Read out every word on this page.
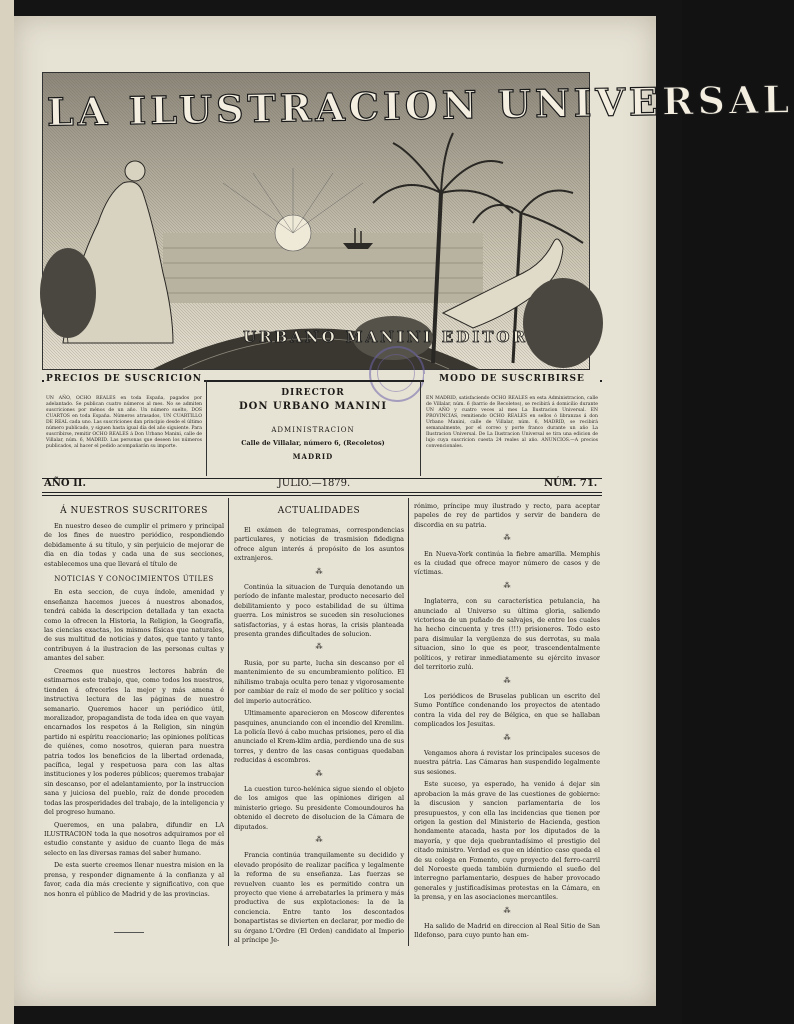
LA ILUSTRACION UNIVERSAL
URBANO MANINI EDITOR
PRECIOS DE SUSCRICION
UN AÑO, OCHO REALES en toda España, pagados por adelantado. Se publican cuatro números al mes. No se admiten suscriciones por ménos de un año. Un número suelto, DOS CUARTOS en toda España. Números atrasados, UN CUARTILLO DE REAL cada uno. Las suscriciones dan principio desde el último número publicado, y siguen hasta igual día del año siguiente. Para suscribirse, remitir OCHO REALES á Don Urbano Manini, calle de Villalar, núm. 6, MADRID. Las personas que deseen los números publicados, al hacer el pedido acompañarán su importe.
DIRECTOR
DON URBANO MANINI
ADMINISTRACION
Calle de Villalar, número 6, (Recoletos)
MADRID
MODO DE SUSCRIBIRSE
EN MADRID, satisfaciendo OCHO REALES en esta Administracion, calle de Villalar, núm. 6 (barrio de Recoletos), se recibirá á domicilio durante UN AÑO y cuatro veces al mes La Ilustracion Universal. EN PROVINCIAS, remitiendo OCHO REALES en sellos ó libranzas á don Urbano Manini, calle de Villalar, núm. 6, MADRID, se recibirá semanalmente, por el correo y porte franco durante un año La Ilustracion Universal. De La Ilustracion Universal se tira una edicion de lujo cuya suscricion cuesta 24 reales al año. ANUNCIOS.—A precios convencionales.
AÑO II.	JULIO.—1879.	NÚM. 71.
Á NUESTROS SUSCRITORES

En nuestro deseo de cumplir el primero y principal de los fines de nuestro periódico, respondiendo debidamente á su título, y sin perjuicio de mejorar de dia en dia todas y cada una de sus secciones, establecemos una que llevará el título de

NOTICIAS Y CONOCIMIENTOS ÚTILES

En esta seccion, de cuya índole, amenidad y enseñanza hacemos jueces á nuestros abonados, tendrá cabida la descripcion detallada y tan exacta como la ofrecen la Historia, la Religion, la Geografía, las ciencias exactas, los mismos físicas que naturales, de sus multitud de noticias y datos, que tanto y tanto contribuyen á la ilustracion de las personas cultas y amantes del saber.

Creemos que nuestros lectores habrán de estimarnos este trabajo, que, como todos los nuestros, tienden á ofrecerles la mejor y más amena é instructiva lectura de las páginas de nuestro semanario. Queremos hacer un periódico útil, moralizador, propagandista de toda idea en que vayan encarnados los respetos á la Religion, sin ningún partido ni espíritu reaccionario; las opiniones políticas de quiénes, como nosotros, quieran para nuestra patria todos los beneficios de la libertad ordenada, pacífica, legal y respetuosa para con las altas instituciones y los poderes públicos; queremos trabajar sin descanso, por el adelantamiento, por la instruccion sana y juiciosa del pueblo, raíz de donde proceden todas las prosperidades del trabajo, de la inteligencia y del progreso humano.

Queremos, en una palabra, difundir en LA ILUSTRACION toda la que nosotros adquiramos por el estudio constante y asiduo de cuanto llega de más selecto en las diversas ramas del saber humano.

De esta suerte creemos llenar nuestra mision en la prensa, y responder dignamente á la confianza y al favor, cada dia más creciente y significativo, con que nos honra el público de Madrid y de las provincias.

ACTUALIDADES

El exámen de telegramas, correspondencias particulares, y noticias de trasmision fidedigna ofrece algun interés á propósito de los asuntos extranjeros.

⁂

Continúa la situacion de Turquía denotando un período de infante malestar, producto necesario del debilitamiento y poco estabilidad de su última guerra. Los ministros se suceden sin resoluciones satisfactorias, y á estas horas, la crisis planteada presenta grandes dificultades de solucion.

⁂

Rusia, por su parte, lucha sin descanso por el mantenimiento de su encumbramiento político. El nihilismo trabaja oculta pero tenaz y vigorosamente por cambiar de raíz el modo de ser político y social del imperio autocrático.

Ultimamente aparecieron en Moscow diferentes pasquines, anunciando con el incendio del Kremlim. La policía llevó á cabo muchas prisiones, pero el dia anunciado el Krem-klim ardia, perdiendo una de sus torres, y dentro de las casas contiguas quedaban reducidas á escombros.

⁂

La cuestion turco-helénica sigue siendo el objeto de los amigos que las opiniones dirigen al ministerio griego. Su presidente Comoundouros ha obtenido el decreto de disolucion de la Cámara de diputados.

⁂

Francia continúa tranquilamente su decidido y elevado propósito de realizar pacífica y legalmente la reforma de su enseñanza. Las fuerzas se revuelven cuanto les es permitido contra un proyecto que viene á arrebatarles la primera y más productiva de sus explotaciones: la de la conciencia. Entre tanto los descontados bonapartistas se divierten en declarar, por medio de su órgano L'Ordre (El Orden) candidato al Imperio al príncipe Je-

rónimo, príncipe muy ilustrado y recto, para aceptar papeles de rey de partidos y servir de bandera de discordia en su patria.

⁂

En Nueva-York continúa la fiebre amarilla. Memphis es la ciudad que ofrece mayor número de casos y de víctimas.

⁂

Inglaterra, con su característica petulancia, ha anunciado al Universo su última gloria, saliendo victoriosa de un puñado de salvajes, de entre los cuales ha hecho cincuenta y tres (!!!) prisioneros. Todo esto para disimular la vergüenza de sus derrotas, su mala situacion, sino lo que es peor, trascendentalmente políticos, y retirar inmediatamente su ejército invasor del territorio zulú.

⁂

Los periódicos de Bruselas publican un escrito del Sumo Pontífice condenando los proyectos de atentado contra la vida del rey de Bélgica, en que se hallaban complicados los Jesuitas.

⁂

Vengamos ahora á revistar los principales sucesos de nuestra pátria. Las Cámaras han suspendido legalmente sus sesiones.

Este suceso, ya esperado, ha venido á dejar sin aprobacion la más grave de las cuestiones de gobierno: la discusion y sancion parlamentaria de los presupuestos, y con ella las incidencias que tienen por origen la gestion del Ministerio de Hacienda, gestion hondamente atacada, hasta por los diputados de la mayoría, y que deja quebrantadísimo el prestigio del citado ministro. Verdad es que en idéntico caso queda el de su colega en Fomento, cuyo proyecto del ferro-carril del Noroeste queda también durmiendo el sueño del interregno parlamentario, despues de haber provocado generales y justificadísimas protestas en la Cámara, en la prensa, y en las asociaciones mercantiles.

⁂

Ha salido de Madrid en direccion al Real Sitio de San Ildefonso, para cuyo punto han em-
